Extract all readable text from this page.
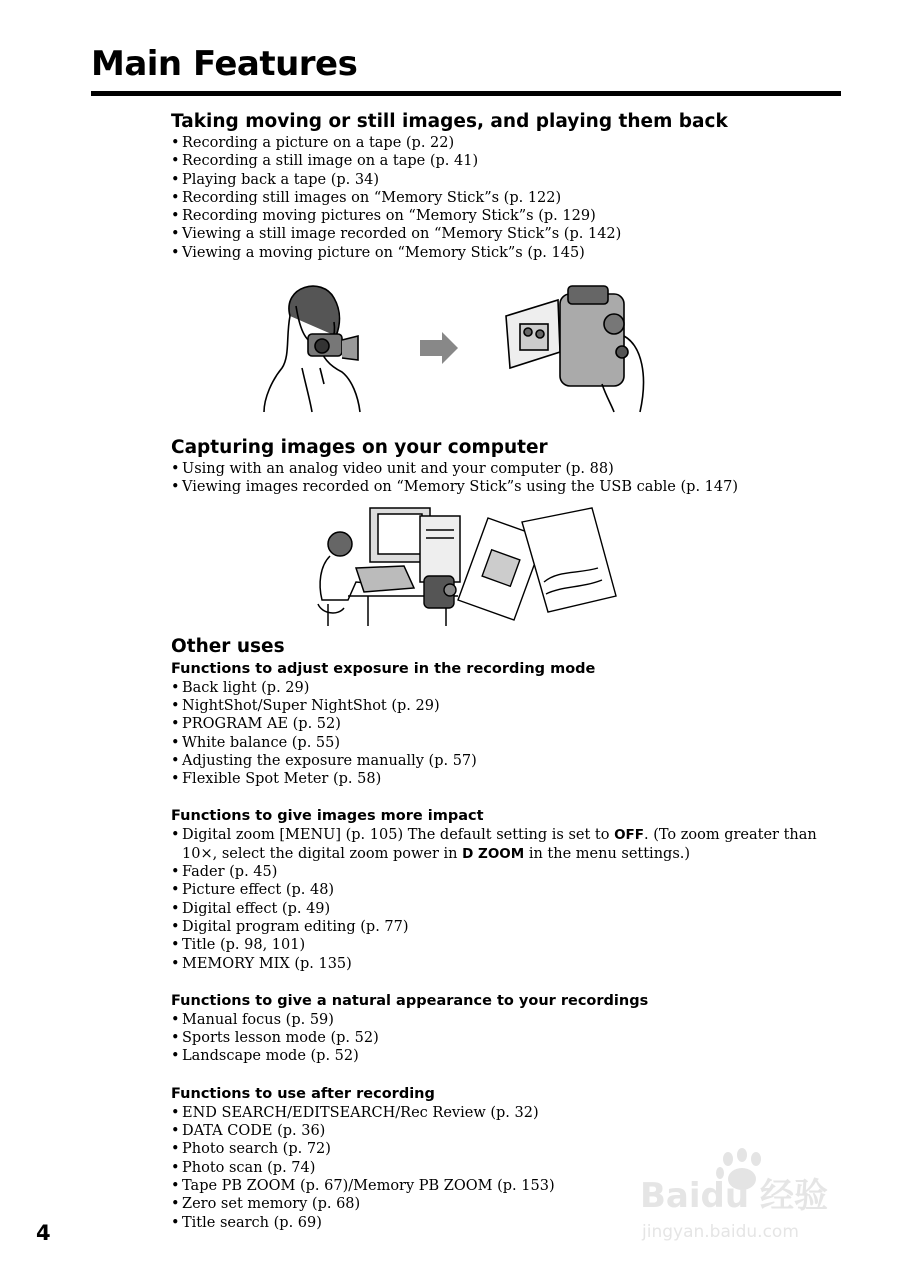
Main Features
Taking moving or still images, and playing them back
• Recording a picture on a tape (p. 22)
• Recording a still image on a tape (p. 41)
• Playing back a tape (p. 34)
• Recording still images on “Memory Stick”s (p. 122)
• Recording moving pictures on “Memory Stick”s (p. 129)
• Viewing a still image recorded on “Memory Stick”s (p. 142)
• Viewing a moving picture on “Memory Stick”s (p. 145)
Capturing images on your computer
• Using with an analog video unit and your computer (p. 88)
• Viewing images recorded on “Memory Stick”s using the USB cable (p. 147)
Other uses
Functions to adjust exposure in the recording mode
• Back light (p. 29)
• NightShot/Super NightShot (p. 29)
• PROGRAM AE (p. 52)
• White balance (p. 55)
• Adjusting the exposure manually (p. 57)
• Flexible Spot Meter (p. 58)
Functions to give images more impact
• Digital zoom [MENU] (p. 105) The default setting is set to OFF. (To zoom greater than 10×, select the digital zoom power in D ZOOM in the menu settings.)
• Fader (p. 45)
• Picture effect (p. 48)
• Digital effect (p. 49)
• Digital program editing (p. 77)
• Title (p. 98, 101)
• MEMORY MIX (p. 135)
Functions to give a natural appearance to your recordings
• Manual focus (p. 59)
• Sports lesson mode (p. 52)
• Landscape mode (p. 52)
Functions to use after recording
• END SEARCH/EDITSEARCH/Rec Review (p. 32)
• DATA CODE (p. 36)
• Photo search (p. 72)
• Photo scan (p. 74)
• Tape PB ZOOM (p. 67)/Memory PB ZOOM (p. 153)
• Zero set memory (p. 68)
• Title search (p. 69)
4
Baidu 经验
jingyan.baidu.com
